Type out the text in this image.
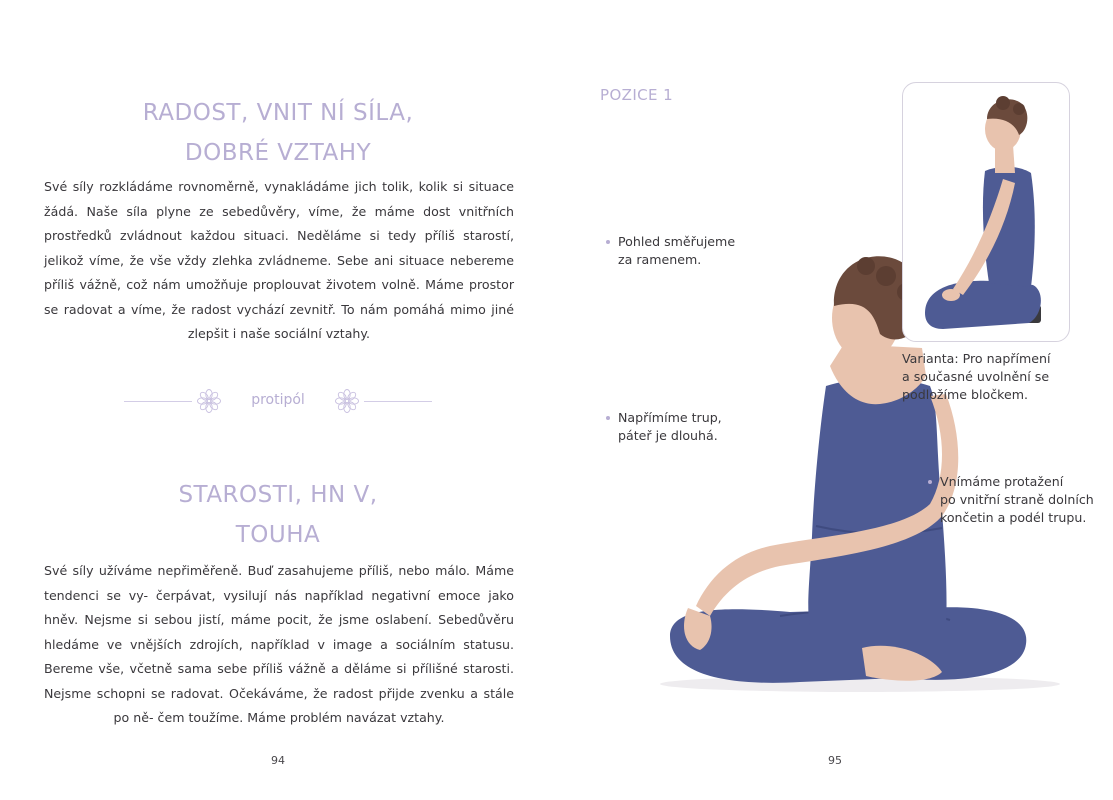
RADOST, VNIT NÍ SÍLA,
DOBRÉ VZTAHY
Své síly rozkládáme rovnoměrně, vynakládáme jich tolik, kolik si situace žádá. Naše síla plyne ze sebedůvěry, víme, že máme dost vnitřních prostředků zvládnout každou situaci. Neděláme si tedy příliš starostí, jelikož víme, že vše vždy zlehka zvládneme. Sebe ani situace nebereme příliš vážně, což nám umožňuje proplouvat životem volně. Máme prostor se radovat a víme, že radost vychází zevnitř. To nám pomáhá mimo jiné zlepšit i naše sociální vztahy.
protipól
STAROSTI, HN V,
TOUHA
Své síly užíváme nepřiměřeně. Buď zasahujeme příliš, nebo málo. Máme tendenci se vy- čerpávat, vysilují nás například negativní emoce jako hněv. Nejsme si sebou jistí, máme pocit, že jsme oslabení. Sebedůvěru hledáme ve vnějších zdrojích, například v image a sociálním statusu. Bereme vše, včetně sama sebe příliš vážně a děláme si přílišné starosti. Nejsme schopni se radovat. Očekáváme, že radost přijde zvenku a stále po ně- čem toužíme. Máme problém navázat vztahy.
94
POZICE 1
Pohled směřujeme
za ramenem.
Napřímíme trup,
páteř je dlouhá.
Varianta: Pro napřímení
a současné uvolnění se
podložíme bločkem.
Vnímáme protažení
po vnitřní straně dolních
končetin a podél trupu.
95
